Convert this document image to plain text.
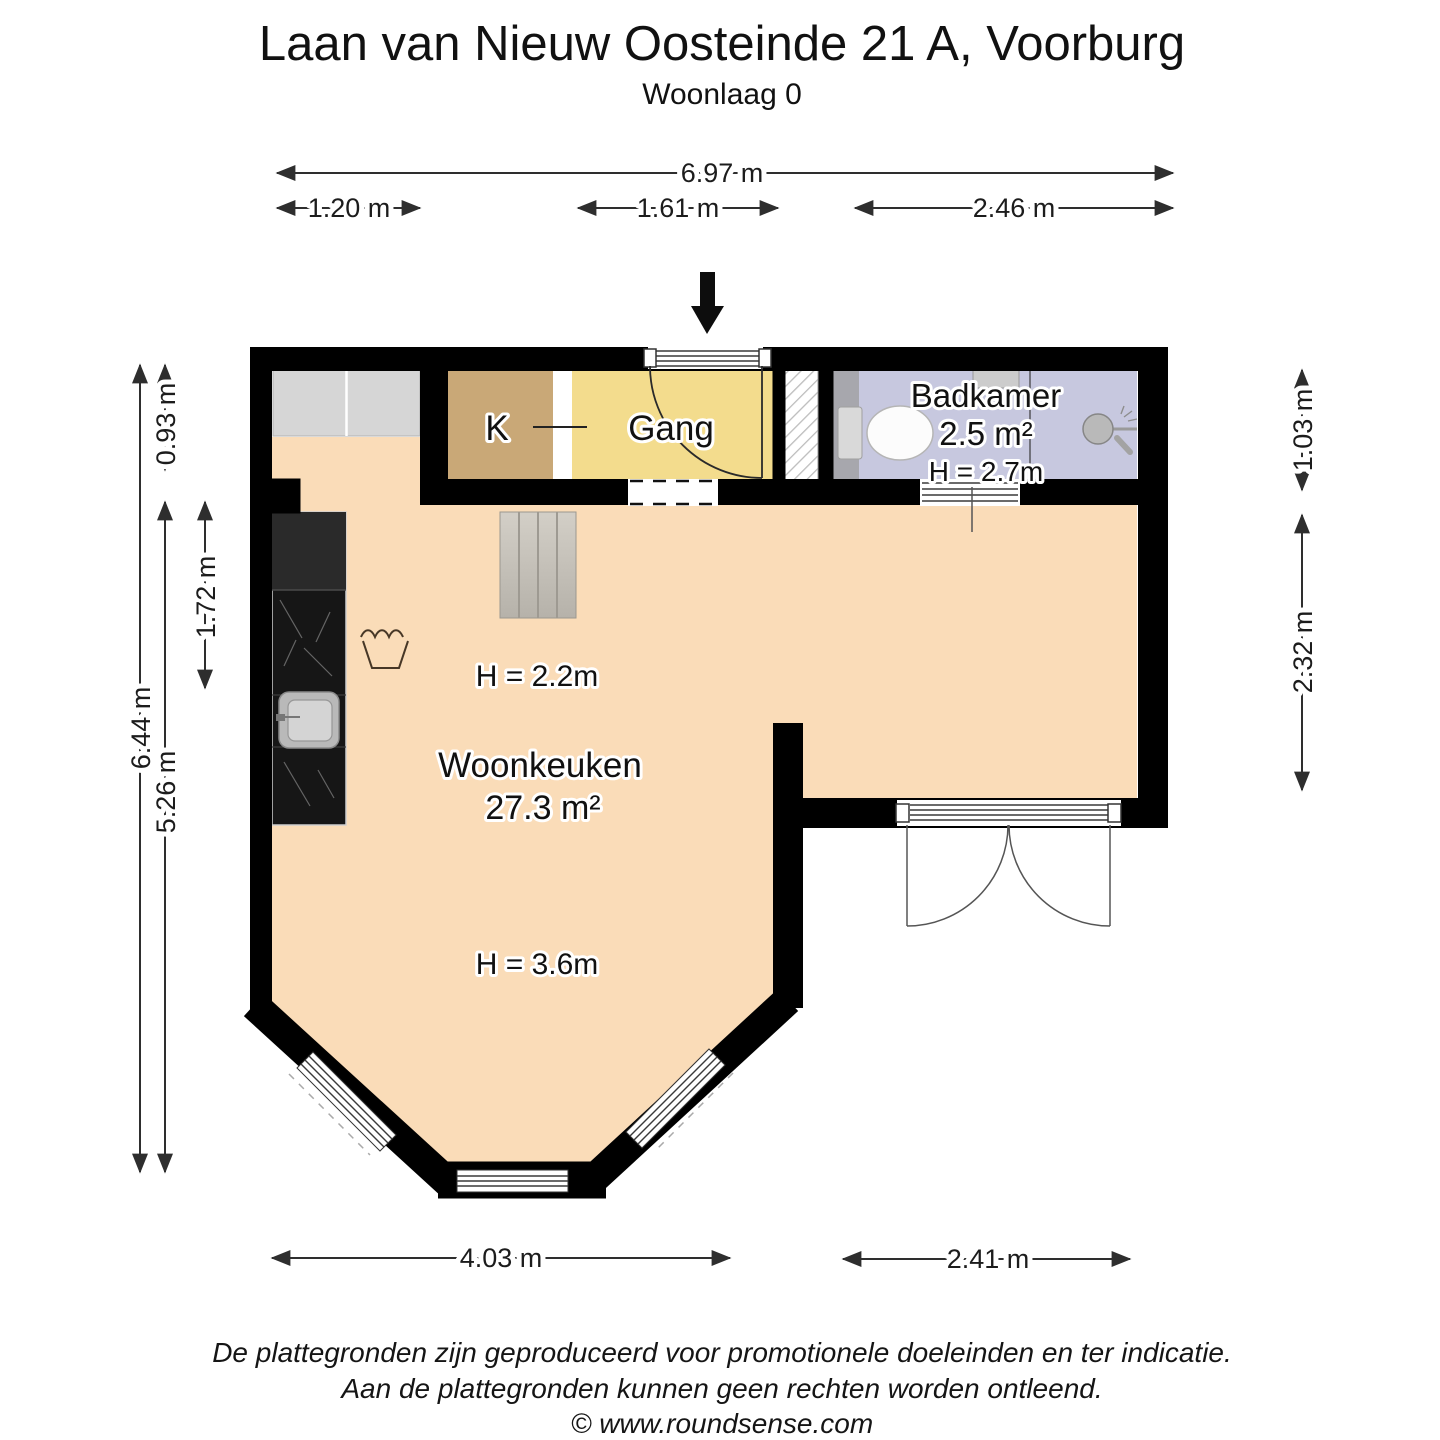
Laan van Nieuw Oosteinde 21 A, Voorburg
Woonlaag 0
K	Gang
Badkamer
2.5 m²
H = 2.7m
H = 2.2m
Woonkeuken
27.3 m²
H = 3.6m
6.97 m
1.20 m	1.61 m	2.46 m
6.44 m
0.93 m
5.26 m
1.72 m
1.03 m
2.32 m
4.03 m	2.41 m
De plattegronden zijn geproduceerd voor promotionele doeleinden en ter indicatie.
Aan de plattegronden kunnen geen rechten worden ontleend.
© www.roundsense.com
